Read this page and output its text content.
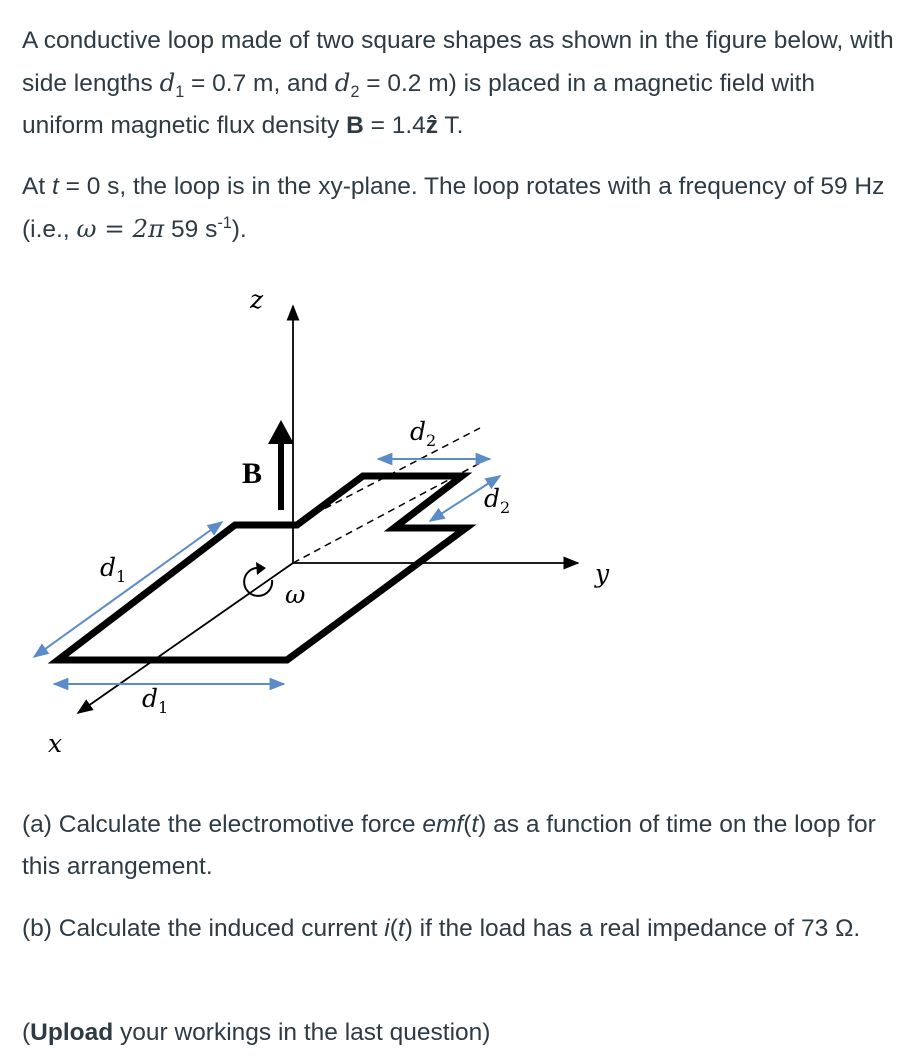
A conductive loop made of two square shapes as shown in the figure below, with side lengths $d_1 = 0.7$ m, and $d_2 = 0.2$ m) is placed in a magnetic field with uniform magnetic flux density B = 1.4ẑ T.

At t = 0 s, the loop is in the xy-plane. The loop rotates with a frequency of 59 Hz (i.e., ω = 2π 59 $s^{-1}$).

B
ω
z
y
x
d1
d1
d2
d2

(a) Calculate the electromotive force emf(t) as a function of time on the loop for this arrangement.

(b) Calculate the induced current i(t) if the load has a real impedance of 73 Ω.

(Upload your workings in the last question)
